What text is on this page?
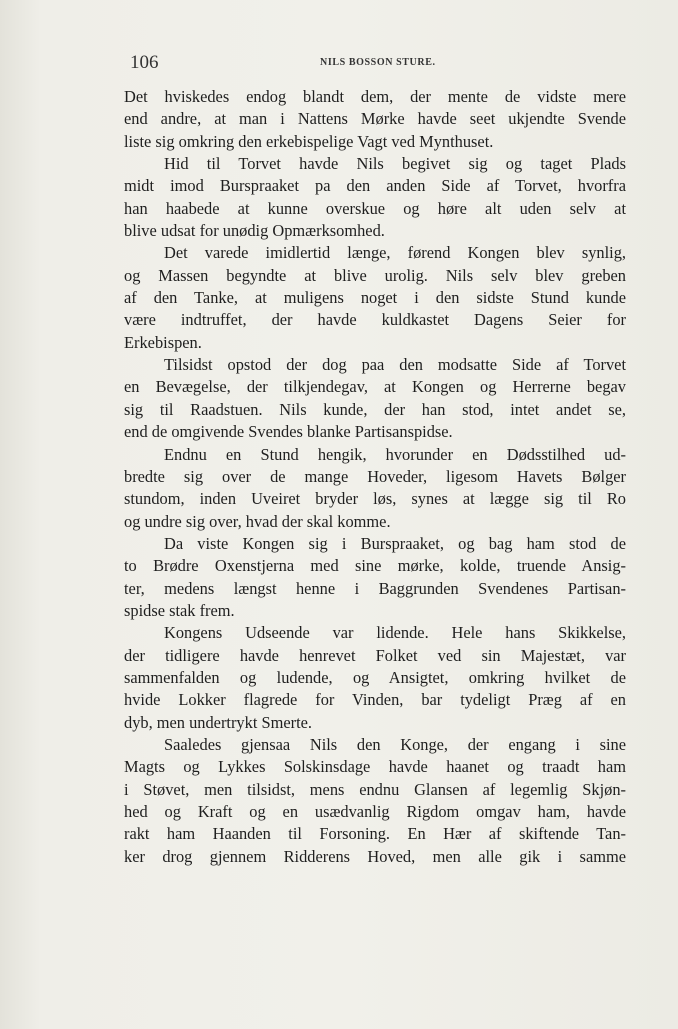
106	NILS BOSSON STURE.
Det hviskedes endog blandt dem, der mente de vidste mere
end andre, at man i Nattens Mørke havde seet ukjendte Svende
liste sig omkring den erkebispelige Vagt ved Mynthuset.
Hid til Torvet havde Nils begivet sig og taget Plads
midt imod Burspraaket pa den anden Side af Torvet, hvorfra
han haabede at kunne overskue og høre alt uden selv at
blive udsat for unødig Opmærksomhed.
Det varede imidlertid længe, førend Kongen blev synlig,
og Massen begyndte at blive urolig. Nils selv blev greben
af den Tanke, at muligens noget i den sidste Stund kunde
være indtruffet, der havde kuldkastet Dagens Seier for
Erkebispen.
Tilsidst opstod der dog paa den modsatte Side af Torvet
en Bevægelse, der tilkjendegav, at Kongen og Herrerne begav
sig til Raadstuen. Nils kunde, der han stod, intet andet se,
end de omgivende Svendes blanke Partisanspidse.
Endnu en Stund hengik, hvorunder en Dødsstilhed ud-
bredte sig over de mange Hoveder, ligesom Havets Bølger
stundom, inden Uveiret bryder løs, synes at lægge sig til Ro
og undre sig over, hvad der skal komme.
Da viste Kongen sig i Burspraaket, og bag ham stod de
to Brødre Oxenstjerna med sine mørke, kolde, truende Ansig-
ter, medens længst henne i Baggrunden Svendenes Partisan-
spidse stak frem.
Kongens Udseende var lidende. Hele hans Skikkelse,
der tidligere havde henrevet Folket ved sin Majestæt, var
sammenfalden og ludende, og Ansigtet, omkring hvilket de
hvide Lokker flagrede for Vinden, bar tydeligt Præg af en
dyb, men undertrykt Smerte.
Saaledes gjensaa Nils den Konge, der engang i sine
Magts og Lykkes Solskinsdage havde haanet og traadt ham
i Støvet, men tilsidst, mens endnu Glansen af legemlig Skjøn-
hed og Kraft og en usædvanlig Rigdom omgav ham, havde
rakt ham Haanden til Forsoning. En Hær af skiftende Tan-
ker drog gjennem Ridderens Hoved, men alle gik i samme
